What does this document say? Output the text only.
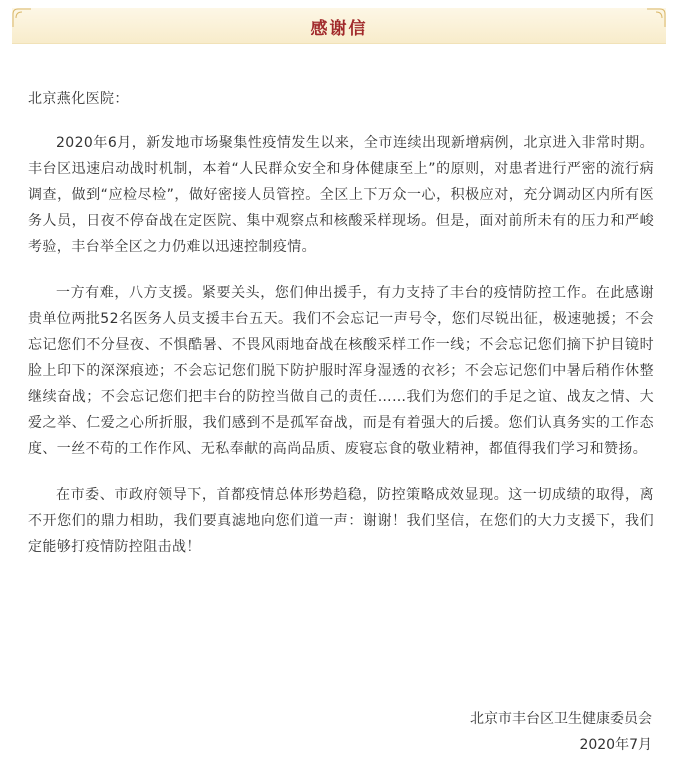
感谢信

北京燕化医院：

2020年6月，新发地市场聚集性疫情发生以来，全市连续出现新增病例，北京进入非常时期。丰台区迅速启动战时机制，本着“人民群众安全和身体健康至上”的原则，对患者进行严密的流行病调查，做到“应检尽检”，做好密接人员管控。全区上下万众一心，积极应对，充分调动区内所有医务人员，日夜不停奋战在定医院、集中观察点和核酸采样现场。但是，面对前所未有的压力和严峻考验，丰台举全区之力仍难以迅速控制疫情。

一方有难，八方支援。紧要关头，您们伸出援手，有力支持了丰台的疫情防控工作。在此感谢贵单位两批52名医务人员支援丰台五天。我们不会忘记一声号令，您们尽锐出征，极速驰援；不会忘记您们不分昼夜、不惧酷暑、不畏风雨地奋战在核酸采样工作一线；不会忘记您们摘下护目镜时脸上印下的深深痕迹；不会忘记您们脱下防护服时浑身湿透的衣衫；不会忘记您们中暑后稍作休整继续奋战；不会忘记您们把丰台的防控当做自己的责任……我们为您们的手足之谊、战友之情、大爱之举、仁爱之心所折服，我们感到不是孤军奋战，而是有着强大的后援。您们认真务实的工作态度、一丝不苟的工作作风、无私奉献的高尚品质、废寝忘食的敬业精神，都值得我们学习和赞扬。

在市委、市政府领导下，首都疫情总体形势趋稳，防控策略成效显现。这一切成绩的取得，离不开您们的鼎力相助，我们要真滤地向您们道一声：谢谢！我们坚信，在您们的大力支援下，我们定能够打疫情防控阻击战！

北京市丰台区卫生健康委员会
2020年7月
